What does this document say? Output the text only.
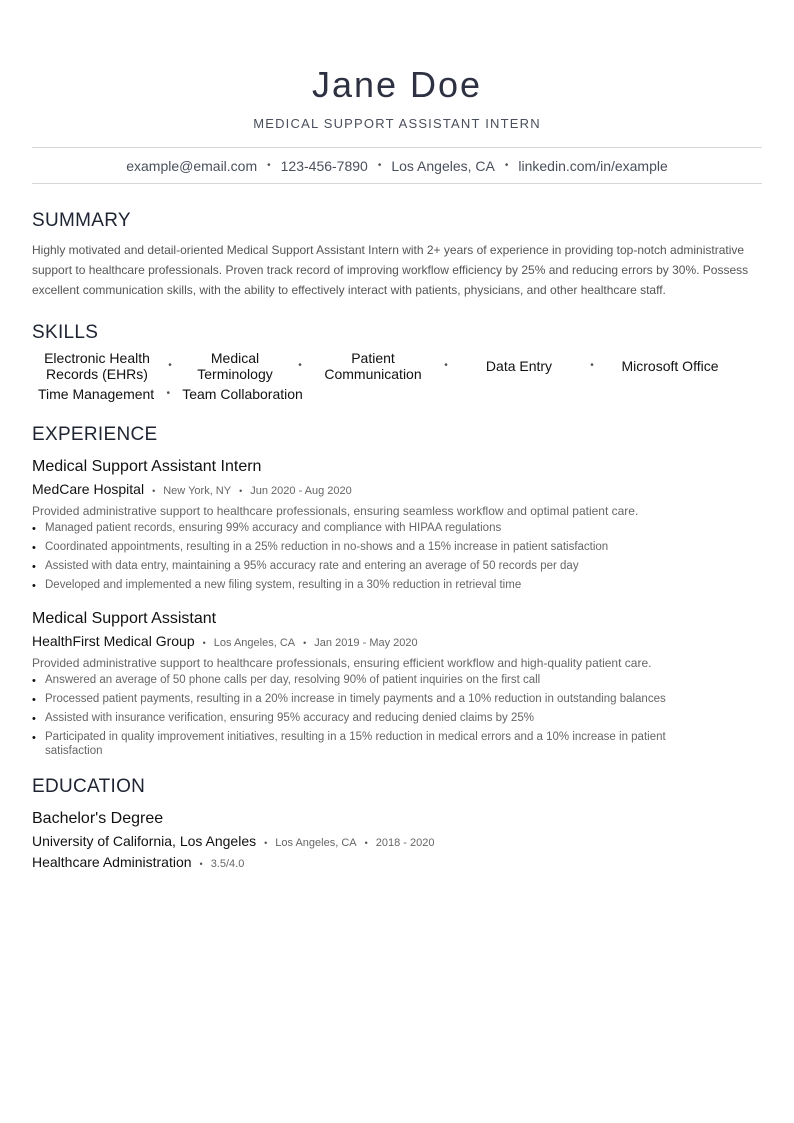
Jane Doe
MEDICAL SUPPORT ASSISTANT INTERN
example@email.com • 123-456-7890 • Los Angeles, CA • linkedin.com/in/example
SUMMARY

Highly motivated and detail-oriented Medical Support Assistant Intern with 2+ years of experience in providing top-notch administrative support to healthcare professionals. Proven track record of improving workflow efficiency by 25% and reducing errors by 30%. Possess excellent communication skills, with the ability to effectively interact with patients, physicians, and other healthcare staff.

SKILLS
Electronic Health Records (EHRs)
•	Medical Terminology
•	Patient Communication
•	Data Entry	•	Microsoft Office
Time Management	• Team Collaboration
EXPERIENCE
Medical Support Assistant Intern
MedCare Hospital • New York, NY • Jun 2020 - Aug 2020
Provided administrative support to healthcare professionals, ensuring seamless workflow and optimal patient care.
• Managed patient records, ensuring 99% accuracy and compliance with HIPAA regulations
• Coordinated appointments, resulting in a 25% reduction in no-shows and a 15% increase in patient satisfaction
• Assisted with data entry, maintaining a 95% accuracy rate and entering an average of 50 records per day
• Developed and implemented a new filing system, resulting in a 30% reduction in retrieval time
Medical Support Assistant
HealthFirst Medical Group • Los Angeles, CA • Jan 2019 - May 2020
Provided administrative support to healthcare professionals, ensuring efficient workflow and high-quality patient care.
• Answered an average of 50 phone calls per day, resolving 90% of patient inquiries on the first call
• Processed patient payments, resulting in a 20% increase in timely payments and a 10% reduction in outstanding balances
• Assisted with insurance verification, ensuring 95% accuracy and reducing denied claims by 25%
• Participated in quality improvement initiatives, resulting in a 15% reduction in medical errors and a 10% increase in patient satisfaction
EDUCATION
Bachelor's Degree
University of California, Los Angeles • Los Angeles, CA • 2018 - 2020
Healthcare Administration • 3.5/4.0
